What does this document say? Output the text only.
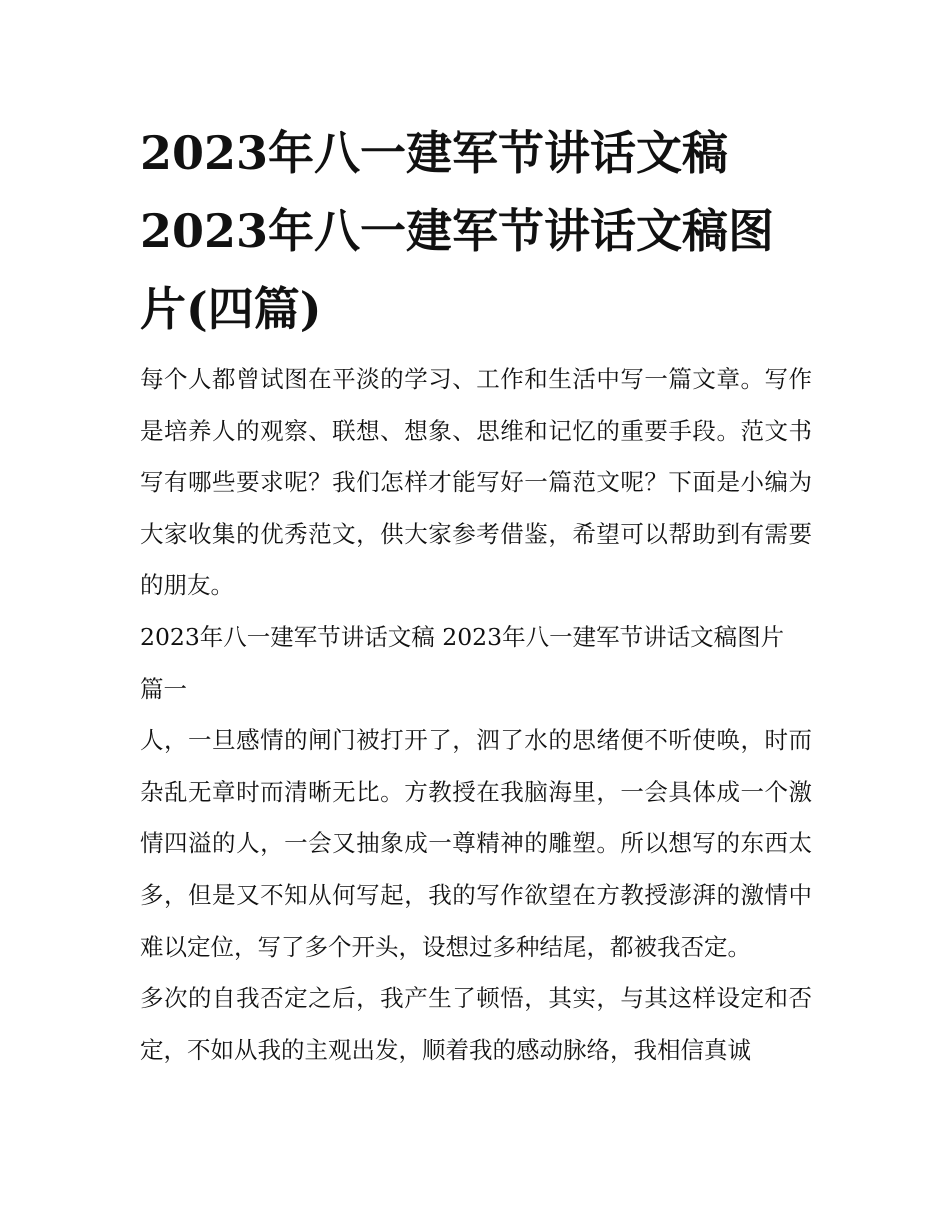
2023年八一建军节讲话文稿 2023年八一建军节讲话文稿图片(四篇)

每个人都曾试图在平淡的学习、工作和生活中写一篇文章。写作是培养人的观察、联想、想象、思维和记忆的重要手段。范文书写有哪些要求呢？我们怎样才能写好一篇范文呢？下面是小编为大家收集的优秀范文，供大家参考借鉴，希望可以帮助到有需要的朋友。

2023年八一建军节讲话文稿 2023年八一建军节讲话文稿图片

篇一

人，一旦感情的闸门被打开了，泗了水的思绪便不听使唤，时而杂乱无章时而清晰无比。方教授在我脑海里，一会具体成一个激情四溢的人，一会又抽象成一尊精神的雕塑。所以想写的东西太多，但是又不知从何写起，我的写作欲望在方教授澎湃的激情中难以定位，写了多个开头，设想过多种结尾，都被我否定。

多次的自我否定之后，我产生了顿悟，其实，与其这样设定和否定，不如从我的主观出发，顺着我的感动脉络，我相信真诚
